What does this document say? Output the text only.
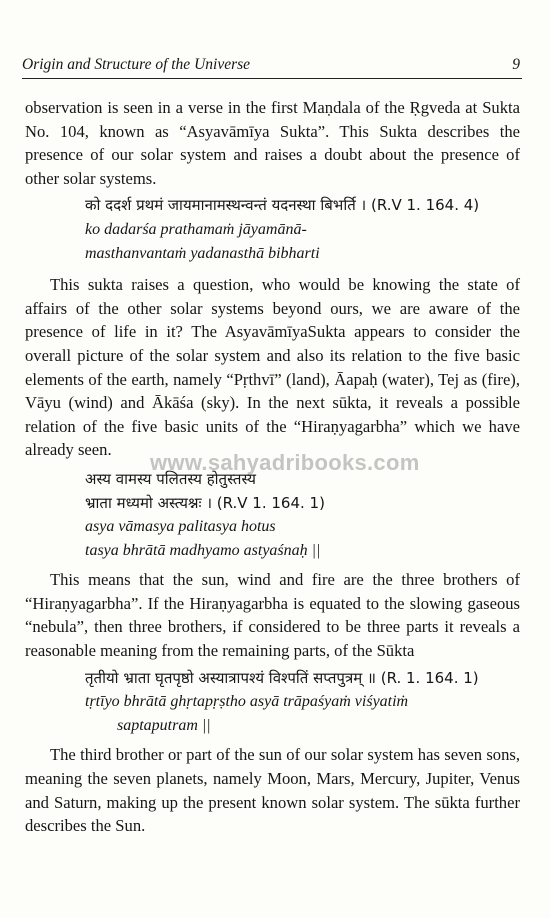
Origin and Structure of the Universe	9

observation is seen in a verse in the first Maṇdala of the Ṛgveda at Sukta No. 104, known as “Asyavāmīya Sukta”. This Sukta describes the presence of our solar system and raises a doubt about the presence of other solar systems.

को ददर्श प्रथमं जायमानामस्थन्वन्तं यदनस्था बिभर्ति । (R.V 1. 164. 4)
ko dadarśa prathamaṁ jāyamānā-
masthanvantaṁ yadanasthā bibharti

This sukta raises a question, who would be knowing the state of affairs of the other solar systems beyond ours, we are aware of the presence of life in it? The AsyavāmīyaSukta appears to consider the overall picture of the solar system and also its relation to the five basic elements of the earth, namely “Pṛthvī” (land), Āapaḥ (water), Tej as (fire), Vāyu (wind) and Ākāśa (sky). In the next sūkta, it reveals a possible relation of the five basic units of the “Hiraṇyagarbha” which we have already seen.

अस्य वामस्य पलितस्य होतुस्तस्य
भ्राता मध्यमो अस्त्यश्नः । (R.V 1. 164. 1)
asya vāmasya palitasya hotus
tasya bhrātā madhyamo astyaśnaḥ ||

This means that the sun, wind and fire are the three brothers of “Hiraṇyagarbha”. If the Hiraṇyagarbha is equated to the slowing gaseous “nebula”, then three brothers, if considered to be three parts it reveals a reasonable meaning from the remaining parts, of the Sūkta

तृतीयो भ्राता घृतपृष्ठो अस्यात्रापश्यं विश्पतिं सप्तपुत्रम् ॥ (R. 1. 164. 1)
tṛtīyo bhrātā ghṛtapṛṣtho asyā trāpaśyaṁ viśyatiṁ
saptaputram ||

The third brother or part of the sun of our solar system has seven sons, meaning the seven planets, namely Moon, Mars, Mercury, Jupiter, Venus and Saturn, making up the present known solar system. The sūkta further describes the Sun.

www.sahyadribooks.com
